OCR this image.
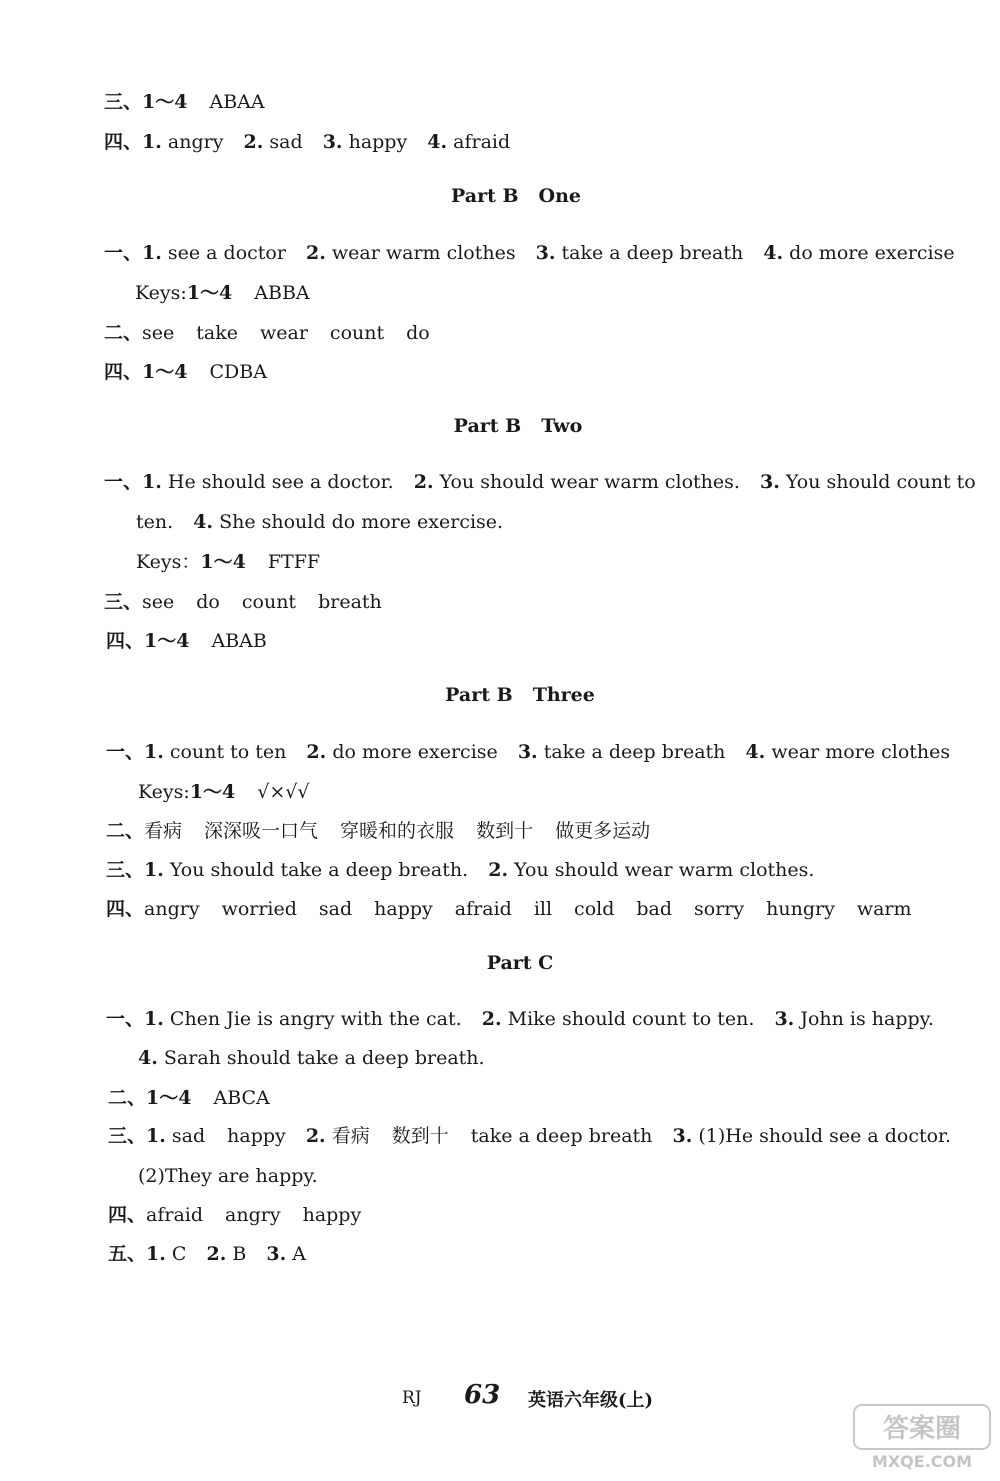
三、1～4 ABAA
四、1. angry 2. sad 3. happy 4. afraid
Part B One
一、1. see a doctor 2. wear warm clothes 3. take a deep breath 4. do more exercise
Keys:1～4 ABBA
二、see take wear count do
四、1～4 CDBA
Part B Two
一、1. He should see a doctor. 2. You should wear warm clothes. 3. You should count to
ten. 4. She should do more exercise.
Keys：1～4 FTFF
三、see do count breath
四、1～4 ABAB
Part B Three
一、1. count to ten 2. do more exercise 3. take a deep breath 4. wear more clothes
Keys:1～4 √×√√
二、看病 深深吸一口气 穿暖和的衣服 数到十 做更多运动
三、1. You should take a deep breath. 2. You should wear warm clothes.
四、angry worried sad happy afraid ill cold bad sorry hungry warm
Part C
一、1. Chen Jie is angry with the cat. 2. Mike should count to ten. 3. John is happy.
4. Sarah should take a deep breath.
二、1～4 ABCA
三、1. sad happy 2. 看病 数到十 take a deep breath 3. (1)He should see a doctor.
(2)They are happy.
四、afraid angry happy
五、1. C 2. B 3. A
RJ 63 英语六年级(上)
答案圈
MXQE.COM
